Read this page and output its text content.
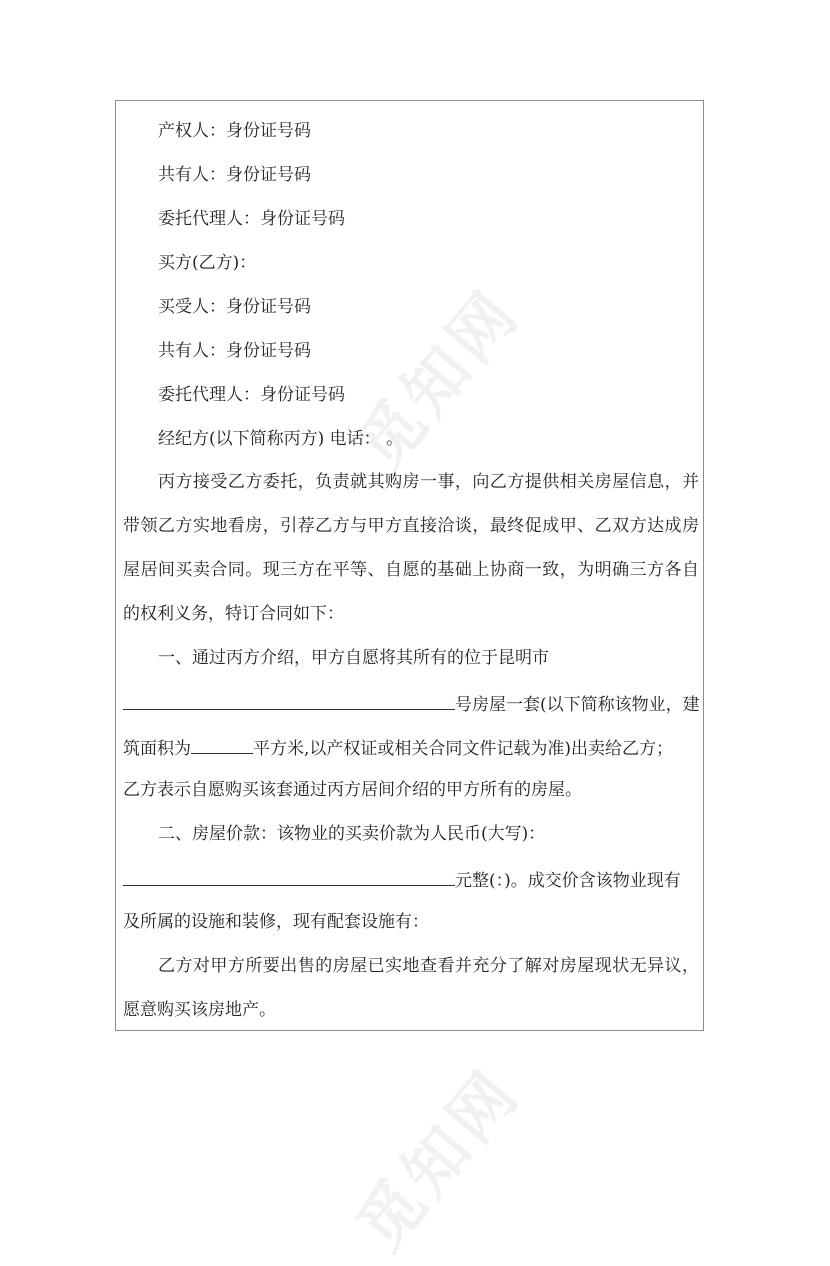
觅知网
觅知网
产权人：身份证号码
共有人：身份证号码
委托代理人：身份证号码
买方(乙方)：
买受人：身份证号码
共有人：身份证号码
委托代理人：身份证号码
经纪方(以下简称丙方) 电话： 。
丙方接受乙方委托，负责就其购房一事，向乙方提供相关房屋信息，并
带领乙方实地看房，引荐乙方与甲方直接洽谈，最终促成甲、乙双方达成房
屋居间买卖合同。现三方在平等、自愿的基础上协商一致，为明确三方各自
的权利义务，特订合同如下：
一、通过丙方介绍，甲方自愿将其所有的位于昆明市
号房屋一套(以下简称该物业，建
筑面积为	平方米,以产权证或相关合同文件记载为准)出卖给乙方；
乙方表示自愿购买该套通过丙方居间介绍的甲方所有的房屋。
二、房屋价款：该物业的买卖价款为人民币(大写)：
元整(：)。成交价含该物业现有
及所属的设施和装修，现有配套设施有：
乙方对甲方所要出售的房屋已实地查看并充分了解对房屋现状无异议，
愿意购买该房地产。
